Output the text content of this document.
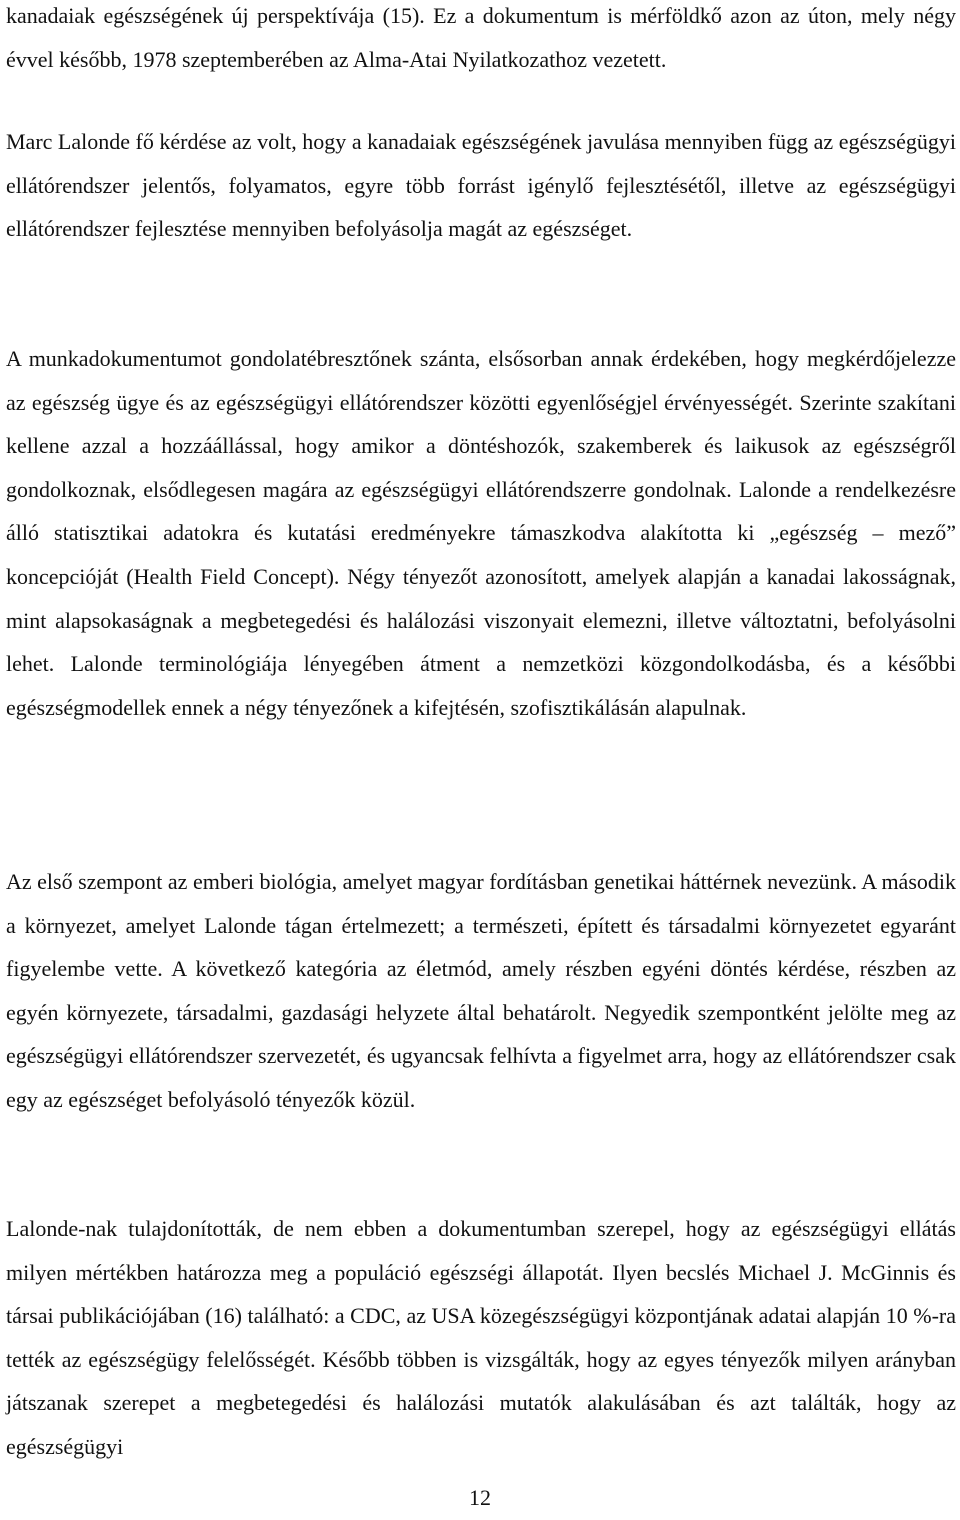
kanadaiak egészségének új perspektívája (15). Ez a dokumentum is mérföldkő azon az úton, mely négy évvel később, 1978 szeptemberében az Alma-Atai Nyilatkozathoz vezetett.

Marc Lalonde fő kérdése az volt, hogy a kanadaiak egészségének javulása mennyiben függ az egészségügyi ellátórendszer jelentős, folyamatos, egyre több forrást igénylő fejlesztésétől, illetve az egészségügyi ellátórendszer fejlesztése mennyiben befolyásolja magát az egészséget.

A munkadokumentumot gondolatébresztőnek szánta, elsősorban annak érdekében, hogy megkérdőjelezze az egészség ügye és az egészségügyi ellátórendszer közötti egyenlőségjel érvényességét. Szerinte szakítani kellene azzal a hozzáállással, hogy amikor a döntéshozók, szakemberek és laikusok az egészségről gondolkoznak, elsődlegesen magára az egészségügyi ellátórendszerre gondolnak. Lalonde a rendelkezésre álló statisztikai adatokra és kutatási eredményekre támaszkodva alakította ki „egészség – mező” koncepcióját (Health Field Concept). Négy tényezőt azonosított, amelyek alapján a kanadai lakosságnak, mint alapsokaságnak a megbetegedési és halálozási viszonyait elemezni, illetve változtatni, befolyásolni lehet. Lalonde terminológiája lényegében átment a nemzetközi közgondolkodásba, és a későbbi egészségmodellek ennek a négy tényezőnek a kifejtésén, szofisztikálásán alapulnak.

Az első szempont az emberi biológia, amelyet magyar fordításban genetikai háttérnek nevezünk. A második a környezet, amelyet Lalonde tágan értelmezett; a természeti, épített és társadalmi környezetet egyaránt figyelembe vette. A következő kategória az életmód, amely részben egyéni döntés kérdése, részben az egyén környezete, társadalmi, gazdasági helyzete által behatárolt. Negyedik szempontként jelölte meg az egészségügyi ellátórendszer szervezetét, és ugyancsak felhívta a figyelmet arra, hogy az ellátórendszer csak egy az egészséget befolyásoló tényezők közül.

Lalonde-nak tulajdonították, de nem ebben a dokumentumban szerepel, hogy az egészségügyi ellátás milyen mértékben határozza meg a populáció egészségi állapotát. Ilyen becslés Michael J. McGinnis és társai publikációjában (16) található: a CDC, az USA közegészségügyi központjának adatai alapján 10 %-ra tették az egészségügy felelősségét. Később többen is vizsgálták, hogy az egyes tényezők milyen arányban játszanak szerepet a megbetegedési és halálozási mutatók alakulásában és azt találták, hogy az egészségügyi

12
